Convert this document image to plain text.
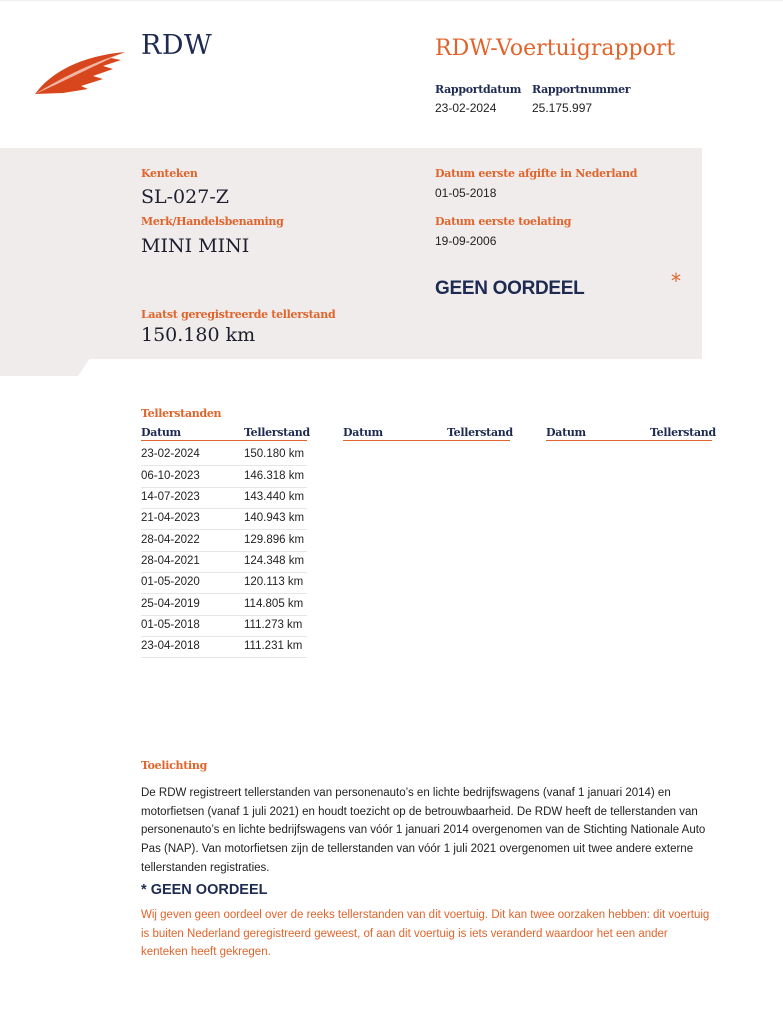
RDW	RDW-Voertuigrapport
Rapportdatum
23-02-2024
Rapportnummer
25.175.997
Kenteken
SL-027-Z
Merk/Handelsbenaming
MINI MINI
Datum eerste afgifte in Nederland
01-05-2018
Datum eerste toelating
19-09-2006
GEEN OORDEEL	*
Laatst geregistreerde tellerstand
150.180 km
Tellerstanden
Datum	Tellerstand	Datum	Tellerstand	Datum	Tellerstand
23-02-2024	150.180 km
06-10-2023	146.318 km
14-07-2023	143.440 km
21-04-2023	140.943 km
28-04-2022	129.896 km
28-04-2021	124.348 km
01-05-2020	120.113 km
25-04-2019	114.805 km
01-05-2018	111.273 km
23-04-2018	111.231 km
Toelichting
De RDW registreert tellerstanden van personenauto’s en lichte bedrijfswagens (vanaf 1 januari 2014) en motorfietsen (vanaf 1 juli 2021) en houdt toezicht op de betrouwbaarheid. De RDW heeft de tellerstanden van personenauto’s en lichte bedrijfswagens van vóór 1 januari 2014 overgenomen van de Stichting Nationale Auto Pas (NAP). Van motorfietsen zijn de tellerstanden van vóór 1 juli 2021 overgenomen uit twee andere externe tellerstanden registraties.
* GEEN OORDEEL
Wij geven geen oordeel over de reeks tellerstanden van dit voertuig. Dit kan twee oorzaken hebben: dit voertuig is buiten Nederland geregistreerd geweest, of aan dit voertuig is iets veranderd waardoor het een ander kenteken heeft gekregen.
